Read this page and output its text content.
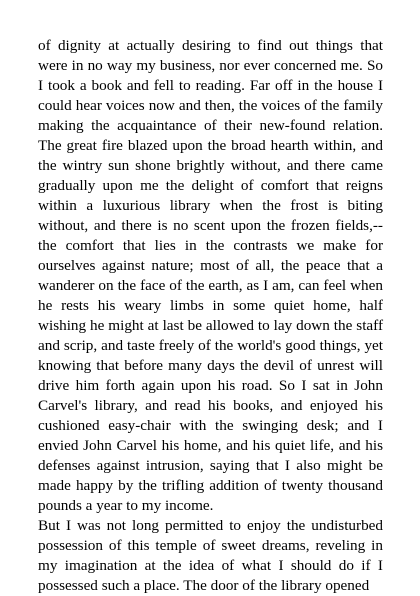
of dignity at actually desiring to find out things that were in no way my business, nor ever concerned me. So I took a book and fell to reading. Far off in the house I could hear voices now and then, the voices of the family making the acquaintance of their new-found relation. The great fire blazed upon the broad hearth within, and the wintry sun shone brightly without, and there came gradually upon me the delight of comfort that reigns within a luxurious library when the frost is biting without, and there is no scent upon the frozen fields,--the comfort that lies in the contrasts we make for ourselves against nature; most of all, the peace that a wanderer on the face of the earth, as I am, can feel when he rests his weary limbs in some quiet home, half wishing he might at last be allowed to lay down the staff and scrip, and taste freely of the world's good things, yet knowing that before many days the devil of unrest will drive him forth again upon his road. So I sat in John Carvel's library, and read his books, and enjoyed his cushioned easy-chair with the swinging desk; and I envied John Carvel his home, and his quiet life, and his defenses against intrusion, saying that I also might be made happy by the trifling addition of twenty thousand pounds a year to my income.

But I was not long permitted to enjoy the undisturbed possession of this temple of sweet dreams, reveling in my imagination at the idea of what I should do if I possessed such a place. The door of the library opened
